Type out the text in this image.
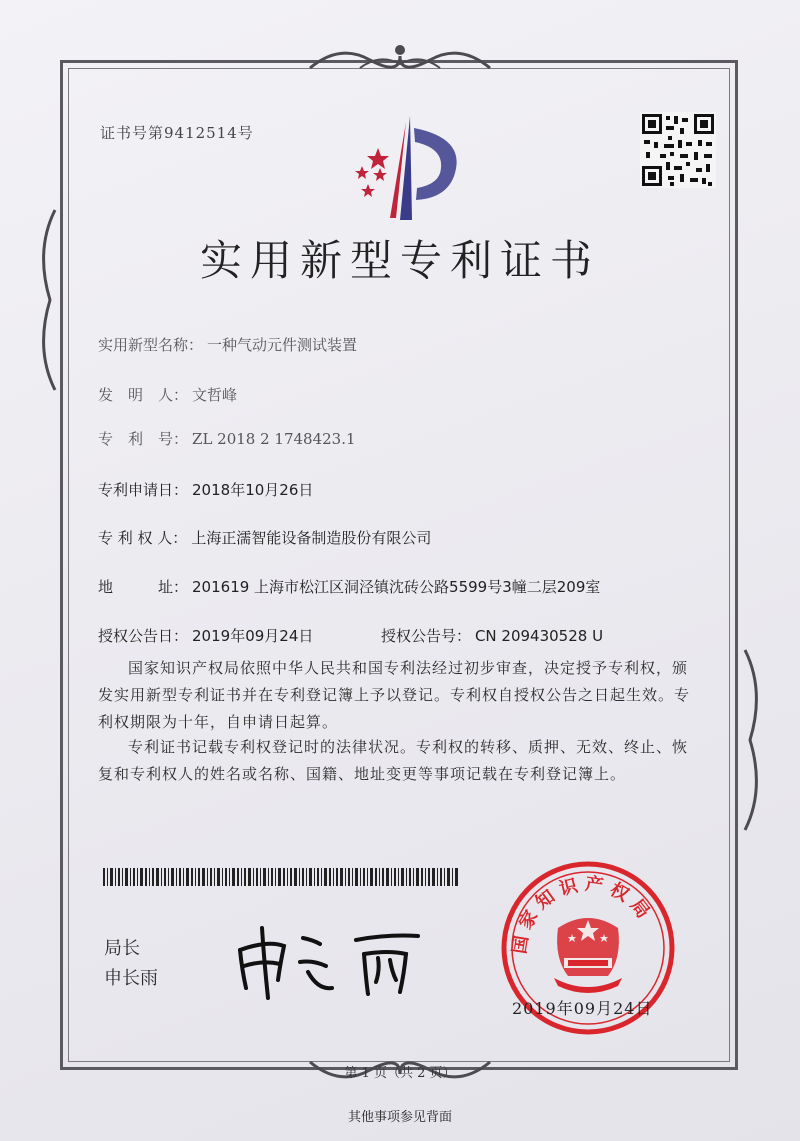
证书号第9412514号
实用新型专利证书
实用新型名称： 一种气动元件测试装置
发　明　人： 文哲峰
专　利　号： ZL 2018 2 1748423.1
专利申请日： 2018年10月26日
专 利 权 人： 上海正濡智能设备制造股份有限公司
地　　　址： 201619 上海市松江区洞泾镇沈砖公路5599号3幢二层209室
授权公告日： 2019年09月24日	授权公告号： CN 209430528 U
国家知识产权局依照中华人民共和国专利法经过初步审查，决定授予专利权，颁发实用新型专利证书并在专利登记簿上予以登记。专利权自授权公告之日起生效。专利权期限为十年，自申请日起算。
专利证书记载专利权登记时的法律状况。专利权的转移、质押、无效、终止、恢复和专利权人的姓名或名称、国籍、地址变更等事项记载在专利登记簿上。
局长
申长雨
国家知识产权局
2019年09月24日
第 1 页（共 2 页）
其他事项参见背面
